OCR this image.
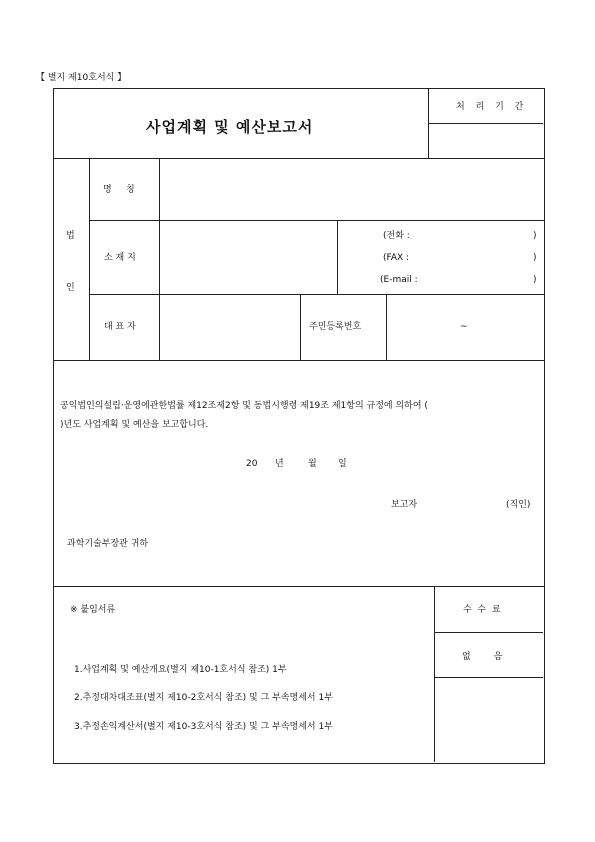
【 별지 제10호서식 】
사업계획 및 예산보고서
처 리 기 간
법
인
명     칭
소 재 지
(전화 :	)
(FAX :	)
(E-mail :	)
대 표 자	주민등록번호	~
공익법인의설립·운영에관한법률 제12조제2항 및 동법시행령 제19조 제1항의 규정에 의하여 (
)년도 사업계획 및 예산을 보고합니다.
20 년	월 일
보고자	(직인)
과학기술부장관 귀하
※ 붙임서류
1.사업계획 및 예산개요(별지 제10-1호서식 참조) 1부
2.추정대차대조표(별지 제10-2호서식 참조) 및 그 부속명세서 1부
3.추정손익계산서(별지 제10-3호서식 참조) 및 그 부속명세서 1부
수  수  료
없        음
